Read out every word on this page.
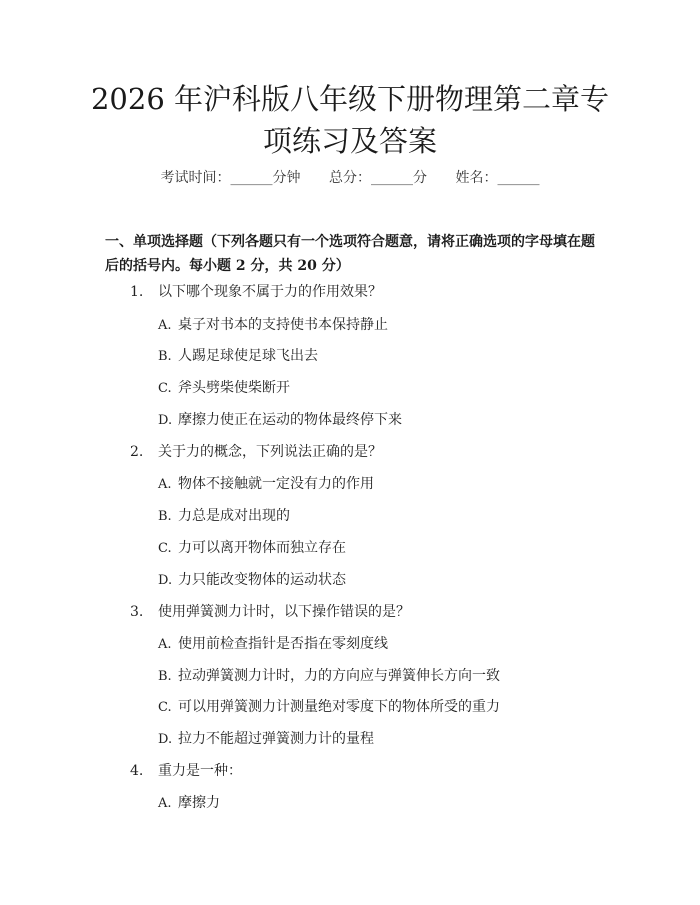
2026 年沪科版八年级下册物理第二章专项练习及答案
考试时间：______分钟 总分：______分 姓名：______
一、单项选择题（下列各题只有一个选项符合题意，请将正确选项的字母填在题后的括号内。每小题 2 分，共 20 分）
1. 以下哪个现象不属于力的作用效果？
A. 桌子对书本的支持使书本保持静止
B. 人踢足球使足球飞出去
C. 斧头劈柴使柴断开
D. 摩擦力使正在运动的物体最终停下来
2. 关于力的概念，下列说法正确的是？
A. 物体不接触就一定没有力的作用
B. 力总是成对出现的
C. 力可以离开物体而独立存在
D. 力只能改变物体的运动状态
3. 使用弹簧测力计时，以下操作错误的是？
A. 使用前检查指针是否指在零刻度线
B. 拉动弹簧测力计时，力的方向应与弹簧伸长方向一致
C. 可以用弹簧测力计测量绝对零度下的物体所受的重力
D. 拉力不能超过弹簧测力计的量程
4. 重力是一种：
A. 摩擦力
